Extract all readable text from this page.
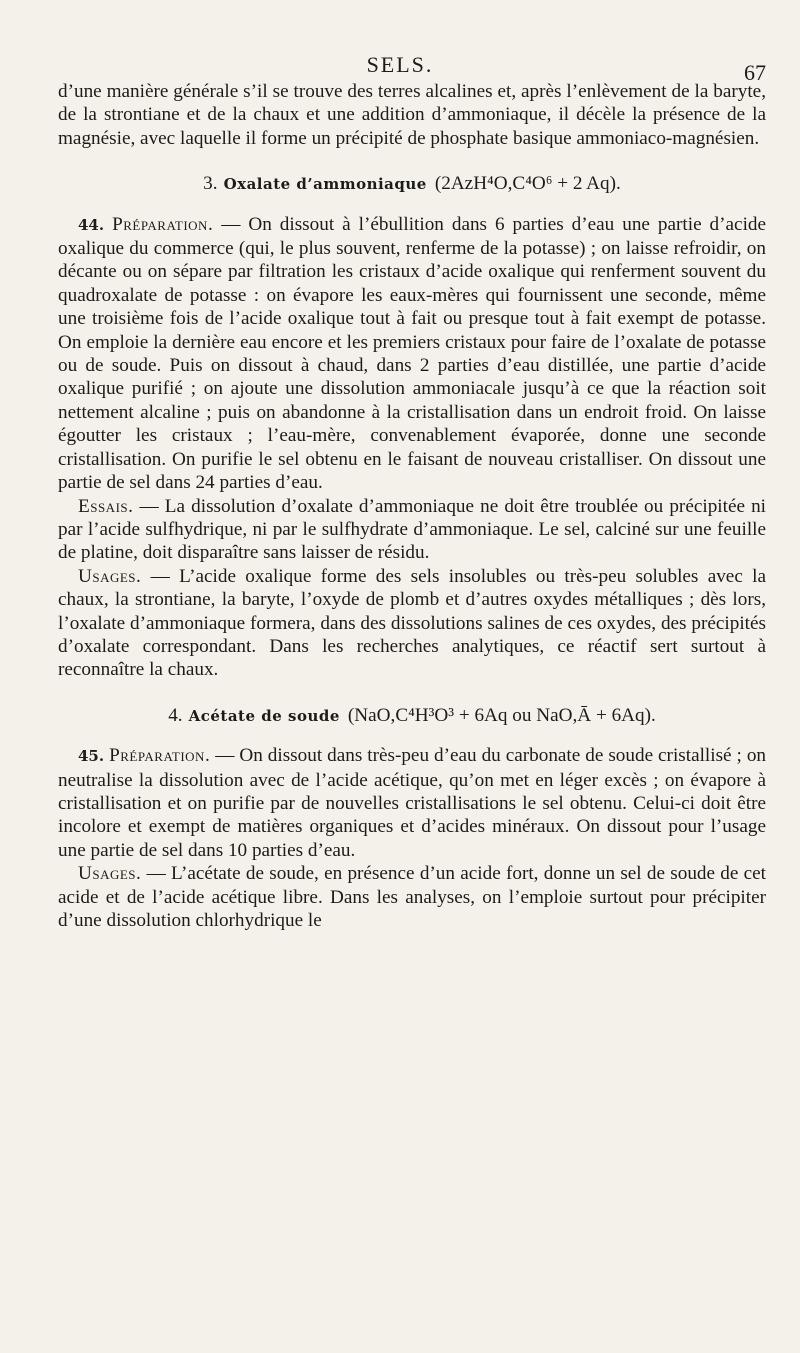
SELS.	67

d’une manière générale s’il se trouve des terres alcalines et, après l’enlèvement de la baryte, de la strontiane et de la chaux et une addition d’ammoniaque, il décèle la présence de la magnésie, avec laquelle il forme un précipité de phosphate basique ammoniaco-magnésien.

3. Oxalate d’ammoniaque (2AzH⁴O,C⁴O⁶ + 2 Aq).

44. Préparation. — On dissout à l’ébullition dans 6 parties d’eau une partie d’acide oxalique du commerce (qui, le plus souvent, renferme de la potasse) ; on laisse refroidir, on décante ou on sépare par filtration les cristaux d’acide oxalique qui renferment souvent du quadroxalate de potasse : on évapore les eaux-mères qui fournissent une seconde, même une troisième fois de l’acide oxalique tout à fait ou presque tout à fait exempt de potasse. On emploie la dernière eau encore et les premiers cristaux pour faire de l’oxalate de potasse ou de soude. Puis on dissout à chaud, dans 2 parties d’eau distillée, une partie d’acide oxalique purifié ; on ajoute une dissolution ammoniacale jusqu’à ce que la réaction soit nettement alcaline ; puis on abandonne à la cristallisation dans un endroit froid. On laisse égoutter les cristaux ; l’eau-mère, convenablement évaporée, donne une seconde cristallisation. On purifie le sel obtenu en le faisant de nouveau cristalliser. On dissout une partie de sel dans 24 parties d’eau.

Essais. — La dissolution d’oxalate d’ammoniaque ne doit être troublée ou précipitée ni par l’acide sulfhydrique, ni par le sulfhydrate d’ammoniaque. Le sel, calciné sur une feuille de platine, doit disparaître sans laisser de résidu.

Usages. — L’acide oxalique forme des sels insolubles ou très-peu solubles avec la chaux, la strontiane, la baryte, l’oxyde de plomb et d’autres oxydes métalliques ; dès lors, l’oxalate d’ammoniaque formera, dans des dissolutions salines de ces oxydes, des précipités d’oxalate correspondant. Dans les recherches analytiques, ce réactif sert surtout à reconnaître la chaux.

4. Acétate de soude (NaO,C⁴H³O³ + 6Aq ou NaO,Ā + 6Aq).

45. Préparation. — On dissout dans très-peu d’eau du carbonate de soude cristallisé ; on neutralise la dissolution avec de l’acide acétique, qu’on met en léger excès ; on évapore à cristallisation et on purifie par de nouvelles cristallisations le sel obtenu. Celui-ci doit être incolore et exempt de matières organiques et d’acides minéraux. On dissout pour l’usage une partie de sel dans 10 parties d’eau.

Usages. — L’acétate de soude, en présence d’un acide fort, donne un sel de soude de cet acide et de l’acide acétique libre. Dans les analyses, on l’emploie surtout pour précipiter d’une dissolution chlorhydrique le
